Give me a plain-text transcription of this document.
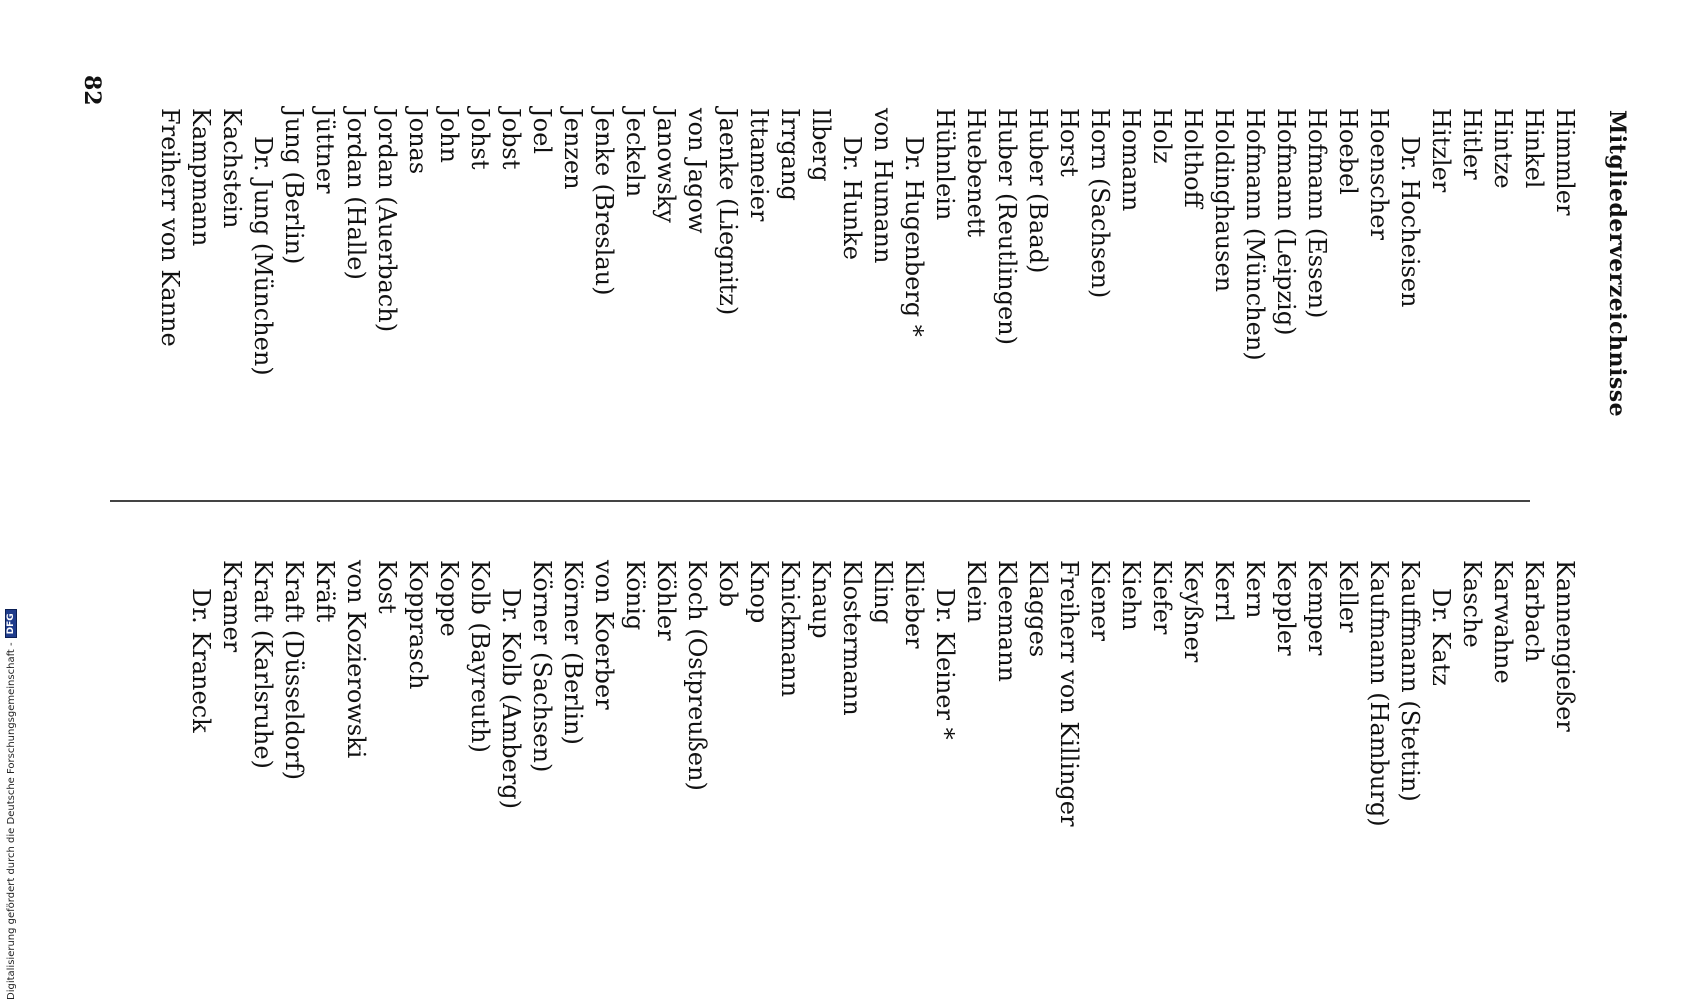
Mitgliederverzeichnisse
Himmler
Hinkel
Hintze
Hitler
Hitzler
Dr. Hocheisen
Hoenscher
Hoebel
Hofmann (Essen)
Hofmann (Leipzig)
Hofmann (München)
Holdinghausen
Holthoff
Holz
Homann
Horn (Sachsen)
Horst
Huber (Baad)
Huber (Reutlingen)
Huebenett
Hühnlein
Dr. Hugenberg *
von Humann
Dr. Hunke
Ilberg
Irrgang
Ittameier
Jaenke (Liegnitz)
von Jagow
Janowsky
Jeckeln
Jenke (Breslau)
Jenzen
Joel
Jobst
Johst
John
Jonas
Jordan (Auerbach)
Jordan (Halle)
Jüttner
Jung (Berlin)
Dr. Jung (München)
Kachstein
Kampmann
Freiherr von Kanne
Kannengießer
Karbach
Karwahne
Kasche
Dr. Katz
Kauffmann (Stettin)
Kaufmann (Hamburg)
Keller
Kemper
Keppler
Kern
Kerrl
Keyßner
Kiefer
Kiehn
Kiener
Freiherr von Killinger
Klagges
Kleemann
Klein
Dr. Kleiner *
Klieber
Kling
Klostermann
Knaup
Knickmann
Knop
Kob
Koch (Ostpreußen)
Köhler
König
von Koerber
Körner (Berlin)
Körner (Sachsen)
Dr. Kolb (Amberg)
Kolb (Bayreuth)
Koppe
Kopprasch
Kost
von Kozierowski
Kräft
Kraft (Düsseldorf)
Kraft (Karlsruhe)
Kramer
Dr. Kraneck
82
Digitalisierung gefördert durch die Deutsche Forschungsgemeinschaft -
DFG
